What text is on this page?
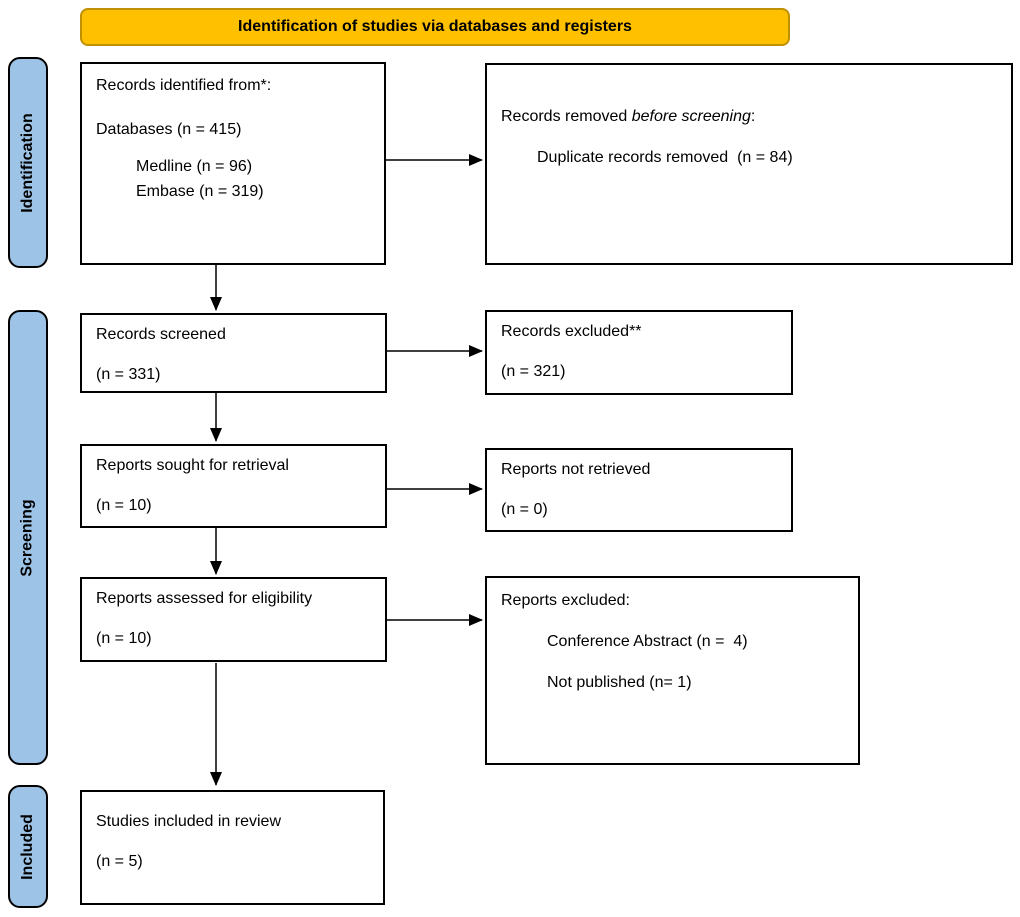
Identification of studies via databases and registers
Identification
Screening
Included

Records identified from*:

Databases (n = 415)

Medline (n = 96)

Embase (n = 319)

Records removed before screening:

Duplicate records removed  (n = 84)

Records screened

(n = 331)

Records excluded**

(n = 321)

Reports sought for retrieval

(n = 10)

Reports not retrieved

(n = 0)

Reports assessed for eligibility

(n = 10)

Reports excluded:

Conference Abstract (n =  4)

Not published (n= 1)

Studies included in review

(n = 5)
